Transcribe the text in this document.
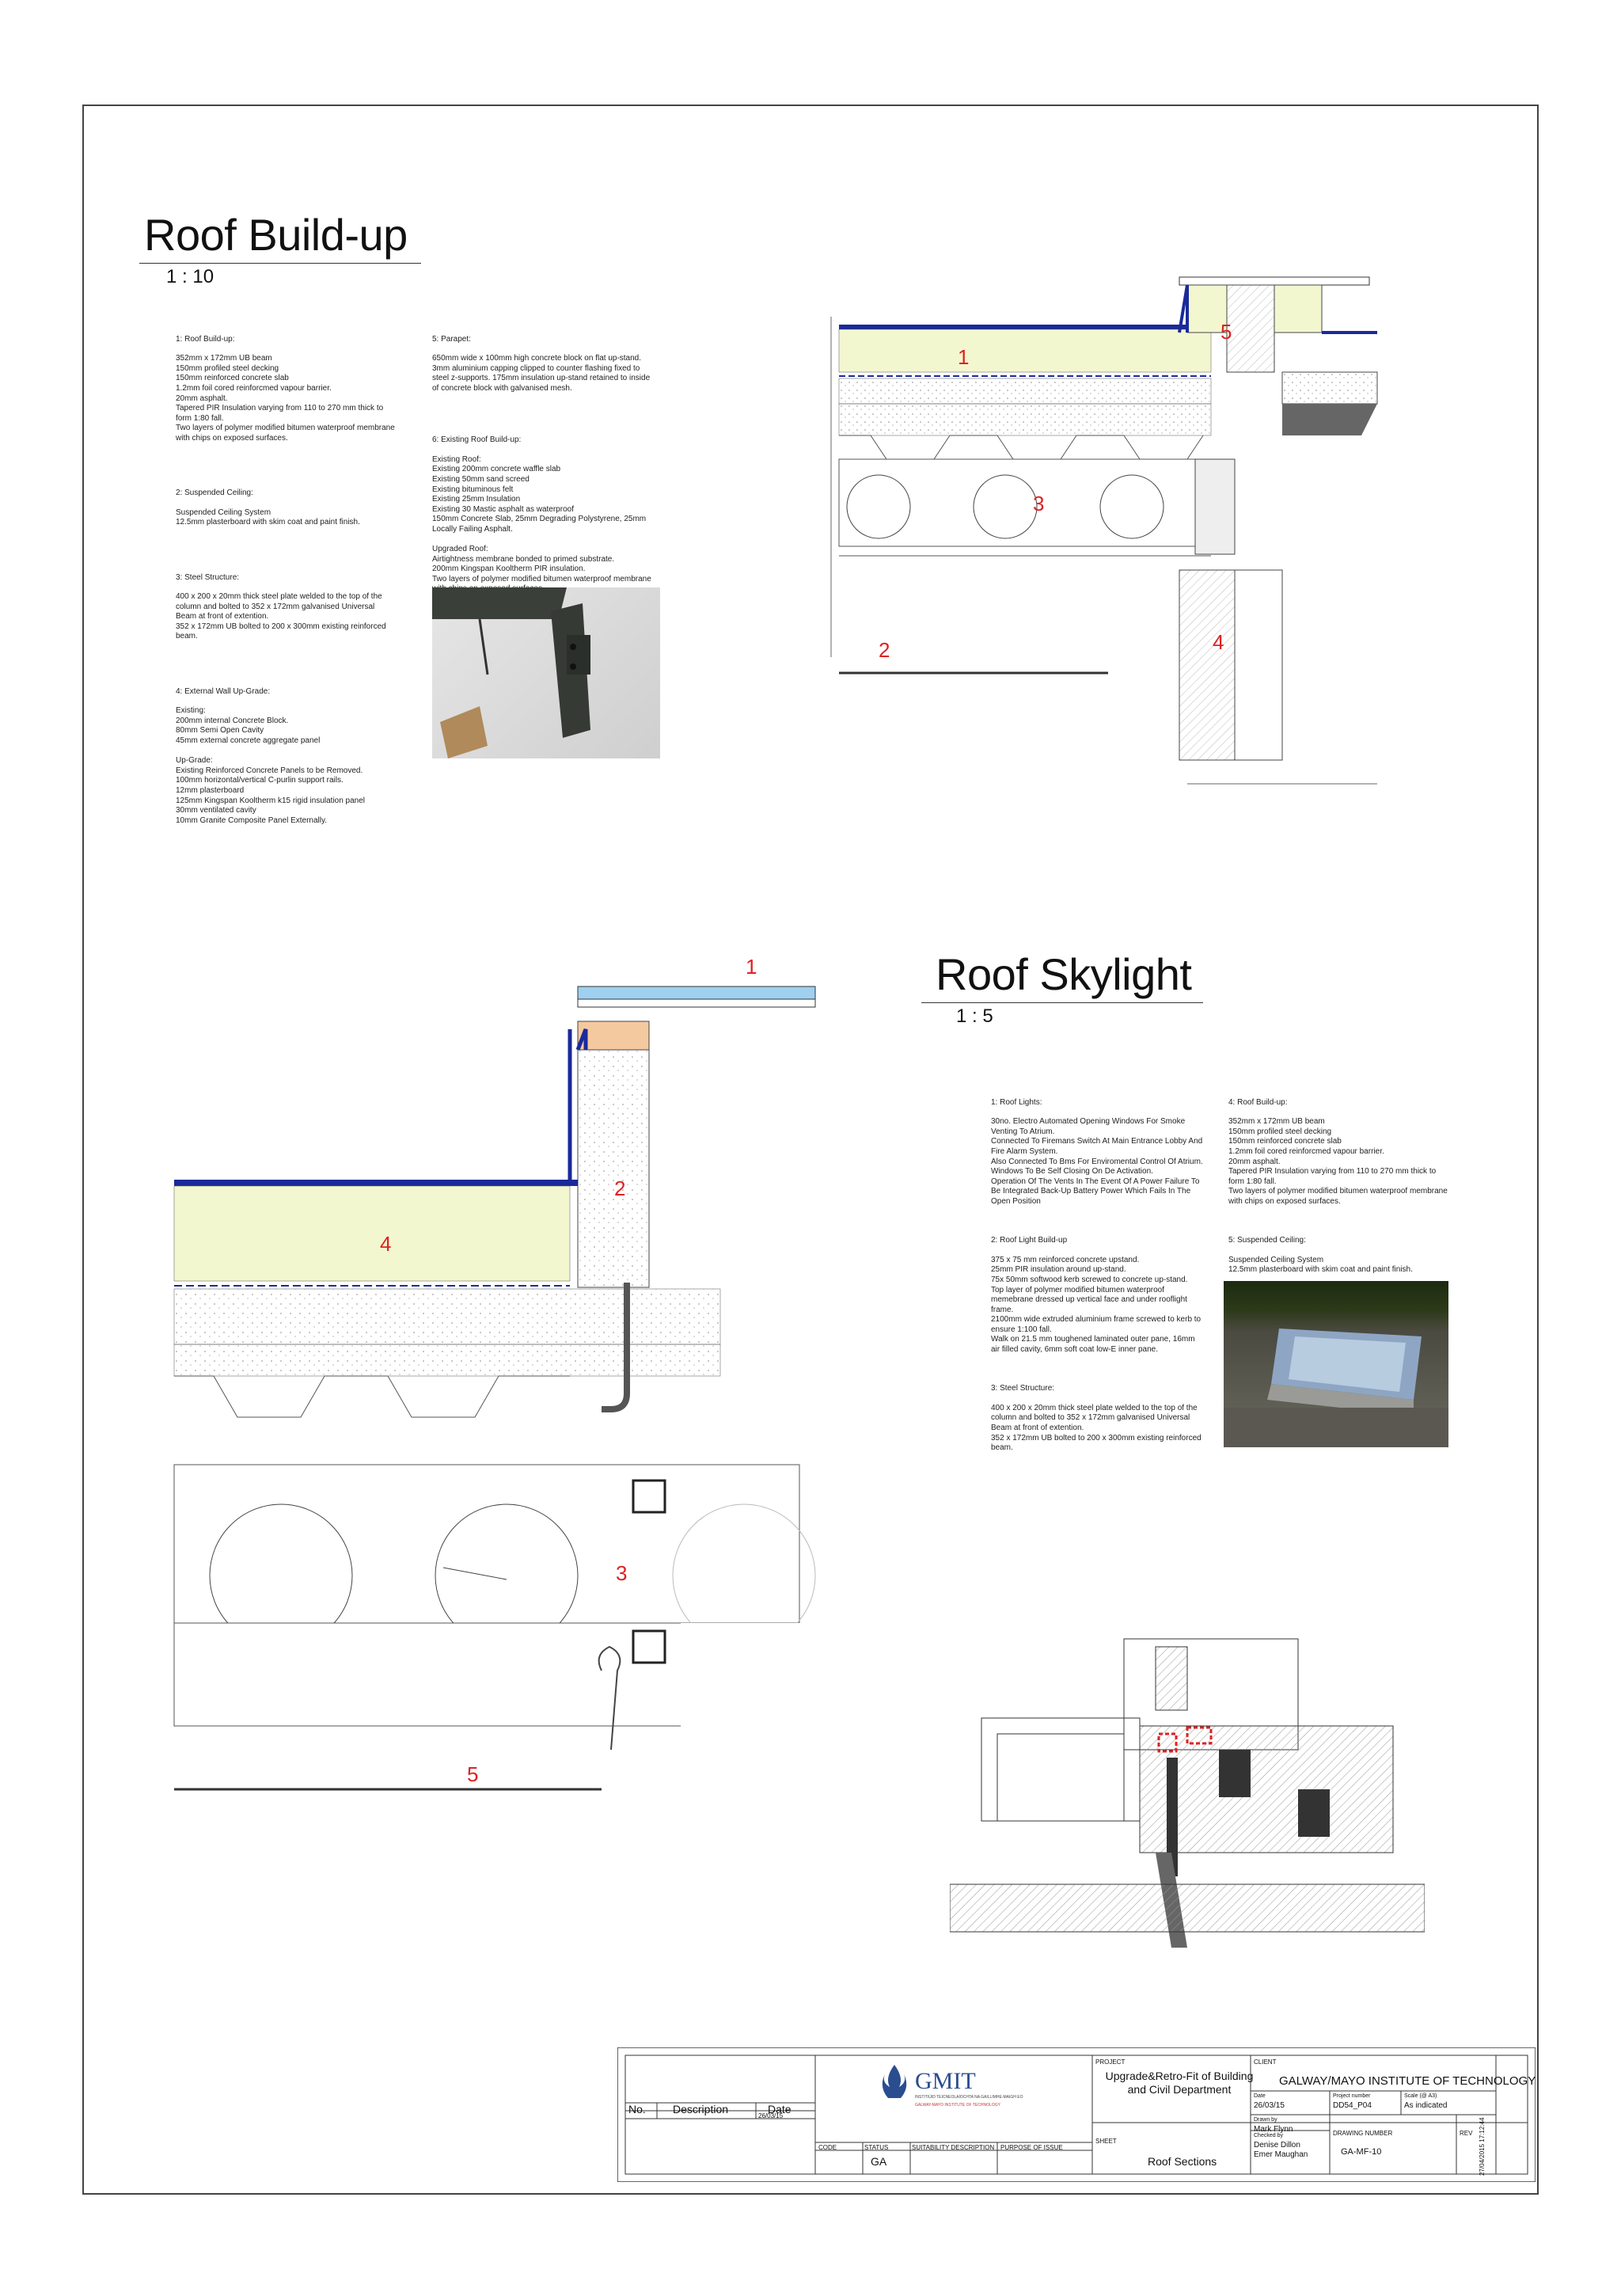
Roof Build-up
1 : 10

1: Roof Build-up:
352mm x 172mm UB beam
150mm profiled steel decking
150mm reinforced concrete slab
1.2mm foil cored reinforcmed vapour barrier.
20mm asphalt.
Tapered PIR Insulation varying from 110 to 270 mm thick to form 1:80 fall.
Two layers of polymer modified bitumen waterproof membrane with chips on exposed surfaces.

2: Suspended Ceiling:
Suspended Ceiling System
12.5mm plasterboard with skim coat and paint finish.

3: Steel Structure:
400 x 200 x 20mm thick steel plate welded to the top of the column and bolted to 352 x 172mm galvanised Universal Beam at front of extention.
352 x 172mm UB bolted to 200 x 300mm existing reinforced beam.

4: External Wall Up-Grade:
Existing:
200mm internal Concrete Block.
80mm Semi Open Cavity
45mm external concrete aggregate panel

Up-Grade:
Existing Reinforced Concrete Panels to be Removed.
100mm horizontal/vertical C-purlin support rails.
12mm plasterboard
125mm Kingspan Kooltherm k15 rigid insulation panel
30mm ventilated cavity
10mm Granite Composite Panel Externally.

5: Parapet:
650mm wide x 100mm high concrete block on flat up-stand.
3mm aluminium capping clipped to counter flashing fixed to steel z-supports. 175mm insulation up-stand retained to inside of concrete block with galvanised mesh.

6: Existing Roof Build-up:
Existing Roof:
Existing 200mm concrete waffle slab
Existing 50mm sand screed
Existing bituminous felt
Existing 25mm Insulation
Existing 30 Mastic asphalt as waterproof
150mm Concrete Slab, 25mm Degrading Polystyrene, 25mm Locally Failing Asphalt.

Upgraded Roof:
Airtightness membrane bonded to primed substrate.
200mm Kingspan Kooltherm PIR insulation.
Two layers of polymer modified bitumen waterproof membrane

1
2
3
4
5
Roof Skylight
1 : 5

1: Roof Lights:
30no. Electro Automated Opening Windows For Smoke Venting To Atrium.
Connected To Firemans Switch At Main Entrance Lobby And Fire Alarm System.
Also Connected To Bms For Enviromental Control Of Atrium.
Windows To Be Self Closing On De Activation.
Operation Of The Vents In The Event Of A Power Failure To Be Integrated Back-Up Battery Power Which Fails In The Open Position

2: Roof Light Build-up
375 x 75 mm reinforced concrete upstand.
25mm PIR insulation around up-stand.
75x 50mm softwood kerb screwed to concrete up-stand.
Top layer of polymer modified bitumen waterproof memebrane dressed up vertical face and under rooflight frame.
2100mm wide extruded aluminium frame screwed to kerb to ensure 1:100 fall.
Walk on 21.5 mm toughened laminated outer pane, 16mm air filled cavity, 6mm soft coat low-E inner pane.

3: Steel Structure:
400 x 200 x 20mm thick steel plate welded to the top of the column and bolted to 352 x 172mm galvanised Universal Beam at front of extention.
352 x 172mm UB bolted to 200 x 300mm existing reinforced beam.

4: Roof Build-up:
352mm x 172mm UB beam
150mm profiled steel decking
150mm reinforced concrete slab
1.2mm foil cored reinforcmed vapour barrier.
20mm asphalt.
Tapered PIR Insulation varying from 110 to 270 mm thick to form 1:80 fall.
Two layers of polymer modified bitumen waterproof membrane with chips on exposed surfaces.

5: Suspended Ceiling:
Suspended Ceiling System
12.5mm plasterboard with skim coat and paint finish.

1
2
3
4
5
No. Description	Date
26/03/15
GMIT
INSTITIÚID TEICNEOLAÍOCHTA NA GAILLIMHE-MAIGH EO
GALWAY-MAYO INSTITUTE OF TECHNOLOGY
CODE	STATUS
GA
SUITABILITY DESCRIPTION PURPOSE OF ISSUE
PROJECT
Upgrade&Retro-Fit of Building and Civil Department
SHEET
Roof Sections
CLIENT
GALWAY/MAYO INSTITUTE OF TECHNOLOGY
Date
26/03/15
Project number
DD54_P04
Scale (@ A3)
As indicated
Drawn by
Mark Flynn
Checked by
Denise Dillon
Emer Maughan
DRAWING NUMBER
GA-MF-10
REV 27/04/2015 17:12:44
